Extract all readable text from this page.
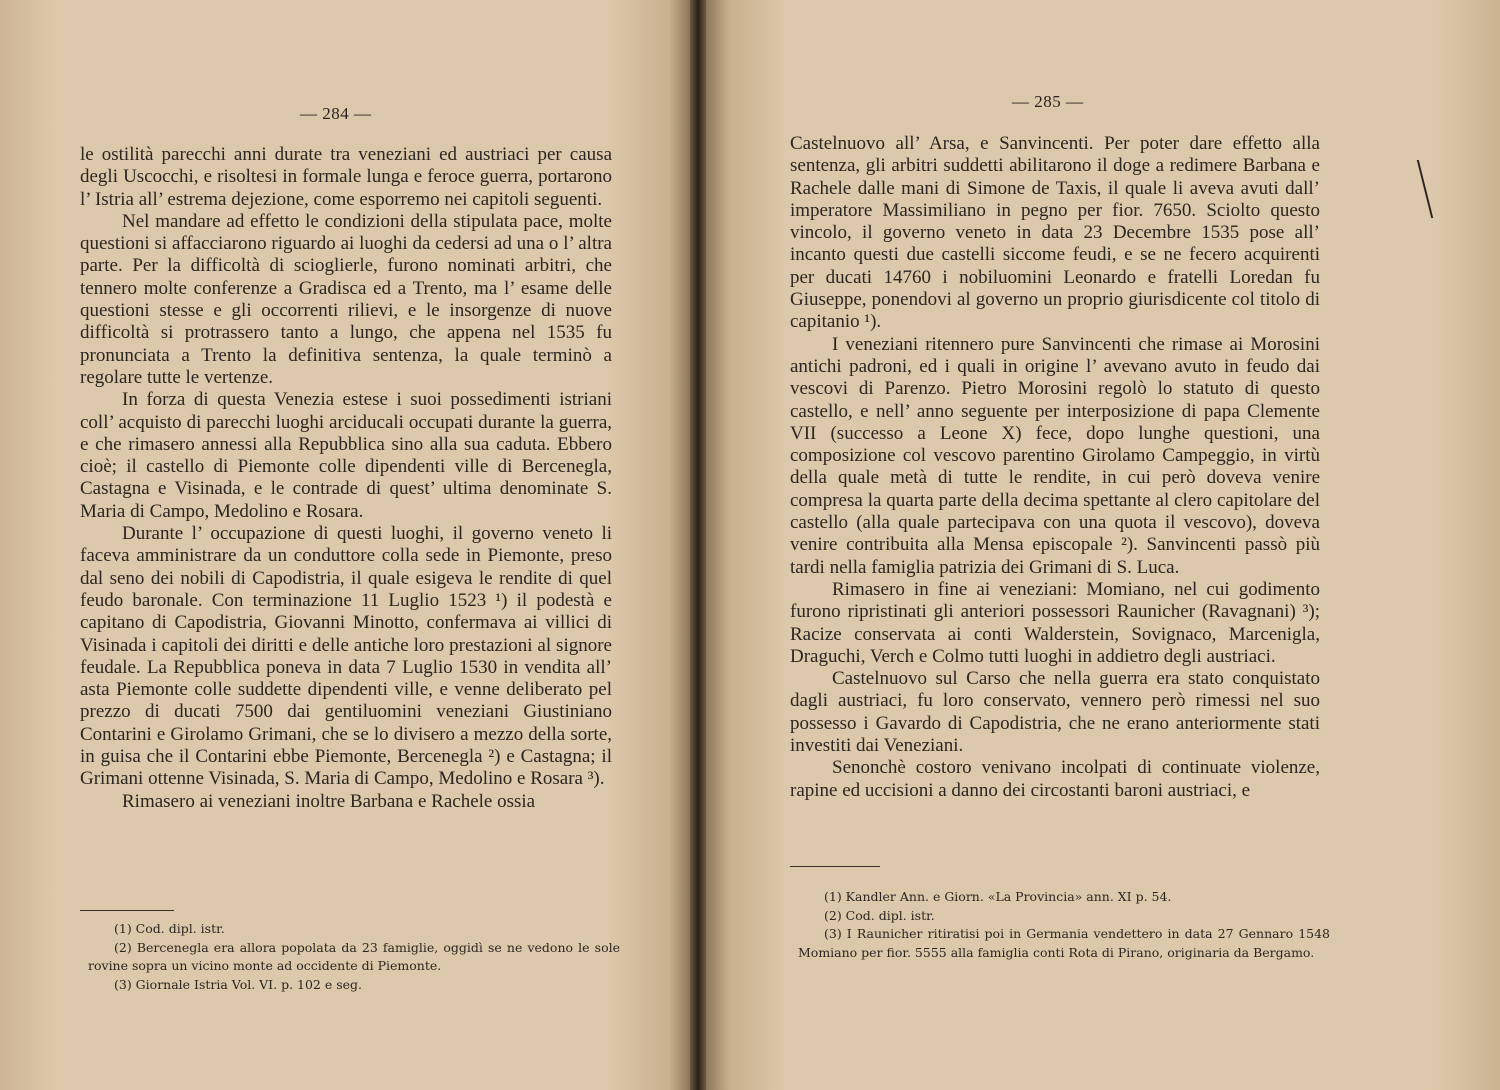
— 284 —

le ostilità parecchi anni durate tra veneziani ed austriaci per causa degli Uscocchi, e risoltesi in formale lunga e feroce guerra, portarono l’ Istria all’ estrema dejezione, come esporremo nei capitoli seguenti.

Nel mandare ad effetto le condizioni della stipulata pace, molte questioni si affacciarono riguardo ai luoghi da cedersi ad una o l’ altra parte. Per la difficoltà di scioglierle, furono nominati arbitri, che tennero molte conferenze a Gradisca ed a Trento, ma l’ esame delle questioni stesse e gli occorrenti rilievi, e le insorgenze di nuove difficoltà si protrassero tanto a lungo, che appena nel 1535 fu pronunciata a Trento la definitiva sentenza, la quale terminò a regolare tutte le vertenze.

In forza di questa Venezia estese i suoi possedimenti istriani coll’ acquisto di parecchi luoghi arciducali occupati durante la guerra, e che rimasero annessi alla Repubblica sino alla sua caduta. Ebbero cioè; il castello di Piemonte colle dipendenti ville di Bercenegla, Castagna e Visinada, e le contrade di quest’ ultima denominate S. Maria di Campo, Medolino e Rosara.

Durante l’ occupazione di questi luoghi, il governo veneto li faceva amministrare da un conduttore colla sede in Piemonte, preso dal seno dei nobili di Capodistria, il quale esigeva le rendite di quel feudo baronale. Con terminazione 11 Luglio 1523 ¹) il podestà e capitano di Capodistria, Giovanni Minotto, confermava ai villici di Visinada i capitoli dei diritti e delle antiche loro prestazioni al signore feudale. La Repubblica poneva in data 7 Luglio 1530 in vendita all’ asta Piemonte colle suddette dipendenti ville, e venne deliberato pel prezzo di ducati 7500 dai gentiluomini veneziani Giustiniano Contarini e Girolamo Grimani, che se lo divisero a mezzo della sorte, in guisa che il Contarini ebbe Piemonte, Bercenegla ²) e Castagna; il Grimani ottenne Visinada, S. Maria di Campo, Medolino e Rosara ³).

Rimasero ai veneziani inoltre Barbana e Rachele ossia

(1) Cod. dipl. istr.

(2) Bercenegla era allora popolata da 23 famiglie, oggidì se ne vedono le sole rovine sopra un vicino monte ad occidente di Piemonte.

(3) Giornale Istria Vol. VI. p. 102 e seg.

— 285 —

Castelnuovo all’ Arsa, e Sanvincenti. Per poter dare effetto alla sentenza, gli arbitri suddetti abilitarono il doge a redimere Barbana e Rachele dalle mani di Simone de Taxis, il quale li aveva avuti dall’ imperatore Massimiliano in pegno per fior. 7650. Sciolto questo vincolo, il governo veneto in data 23 Decembre 1535 pose all’ incanto questi due castelli siccome feudi, e se ne fecero acquirenti per ducati 14760 i nobiluomini Leonardo e fratelli Loredan fu Giuseppe, ponendovi al governo un proprio giurisdicente col titolo di capitanio ¹).

I veneziani ritennero pure Sanvincenti che rimase ai Morosini antichi padroni, ed i quali in origine l’ avevano avuto in feudo dai vescovi di Parenzo. Pietro Morosini regolò lo statuto di questo castello, e nell’ anno seguente per interposizione di papa Clemente VII (successo a Leone X) fece, dopo lunghe questioni, una composizione col vescovo parentino Girolamo Campeggio, in virtù della quale metà di tutte le rendite, in cui però doveva venire compresa la quarta parte della decima spettante al clero capitolare del castello (alla quale partecipava con una quota il vescovo), doveva venire contribuita alla Mensa episcopale ²). Sanvincenti passò più tardi nella famiglia patrizia dei Grimani di S. Luca.

Rimasero in fine ai veneziani: Momiano, nel cui godimento furono ripristinati gli anteriori possessori Raunicher (Ravagnani) ³); Racize conservata ai conti Walderstein, Sovignaco, Marcenigla, Draguchi, Verch e Colmo tutti luoghi in addietro degli austriaci.

Castelnuovo sul Carso che nella guerra era stato conquistato dagli austriaci, fu loro conservato, vennero però rimessi nel suo possesso i Gavardo di Capodistria, che ne erano anteriormente stati investiti dai Veneziani.

Senonchè costoro venivano incolpati di continuate violenze, rapine ed uccisioni a danno dei circostanti baroni austriaci, e

(1) Kandler Ann. e Giorn. «La Provincia» ann. XI p. 54.

(2) Cod. dipl. istr.

(3) I Raunicher ritiratisi poi in Germania vendettero in data 27 Gennaro 1548 Momiano per fior. 5555 alla famiglia conti Rota di Pirano, originaria da Bergamo.
